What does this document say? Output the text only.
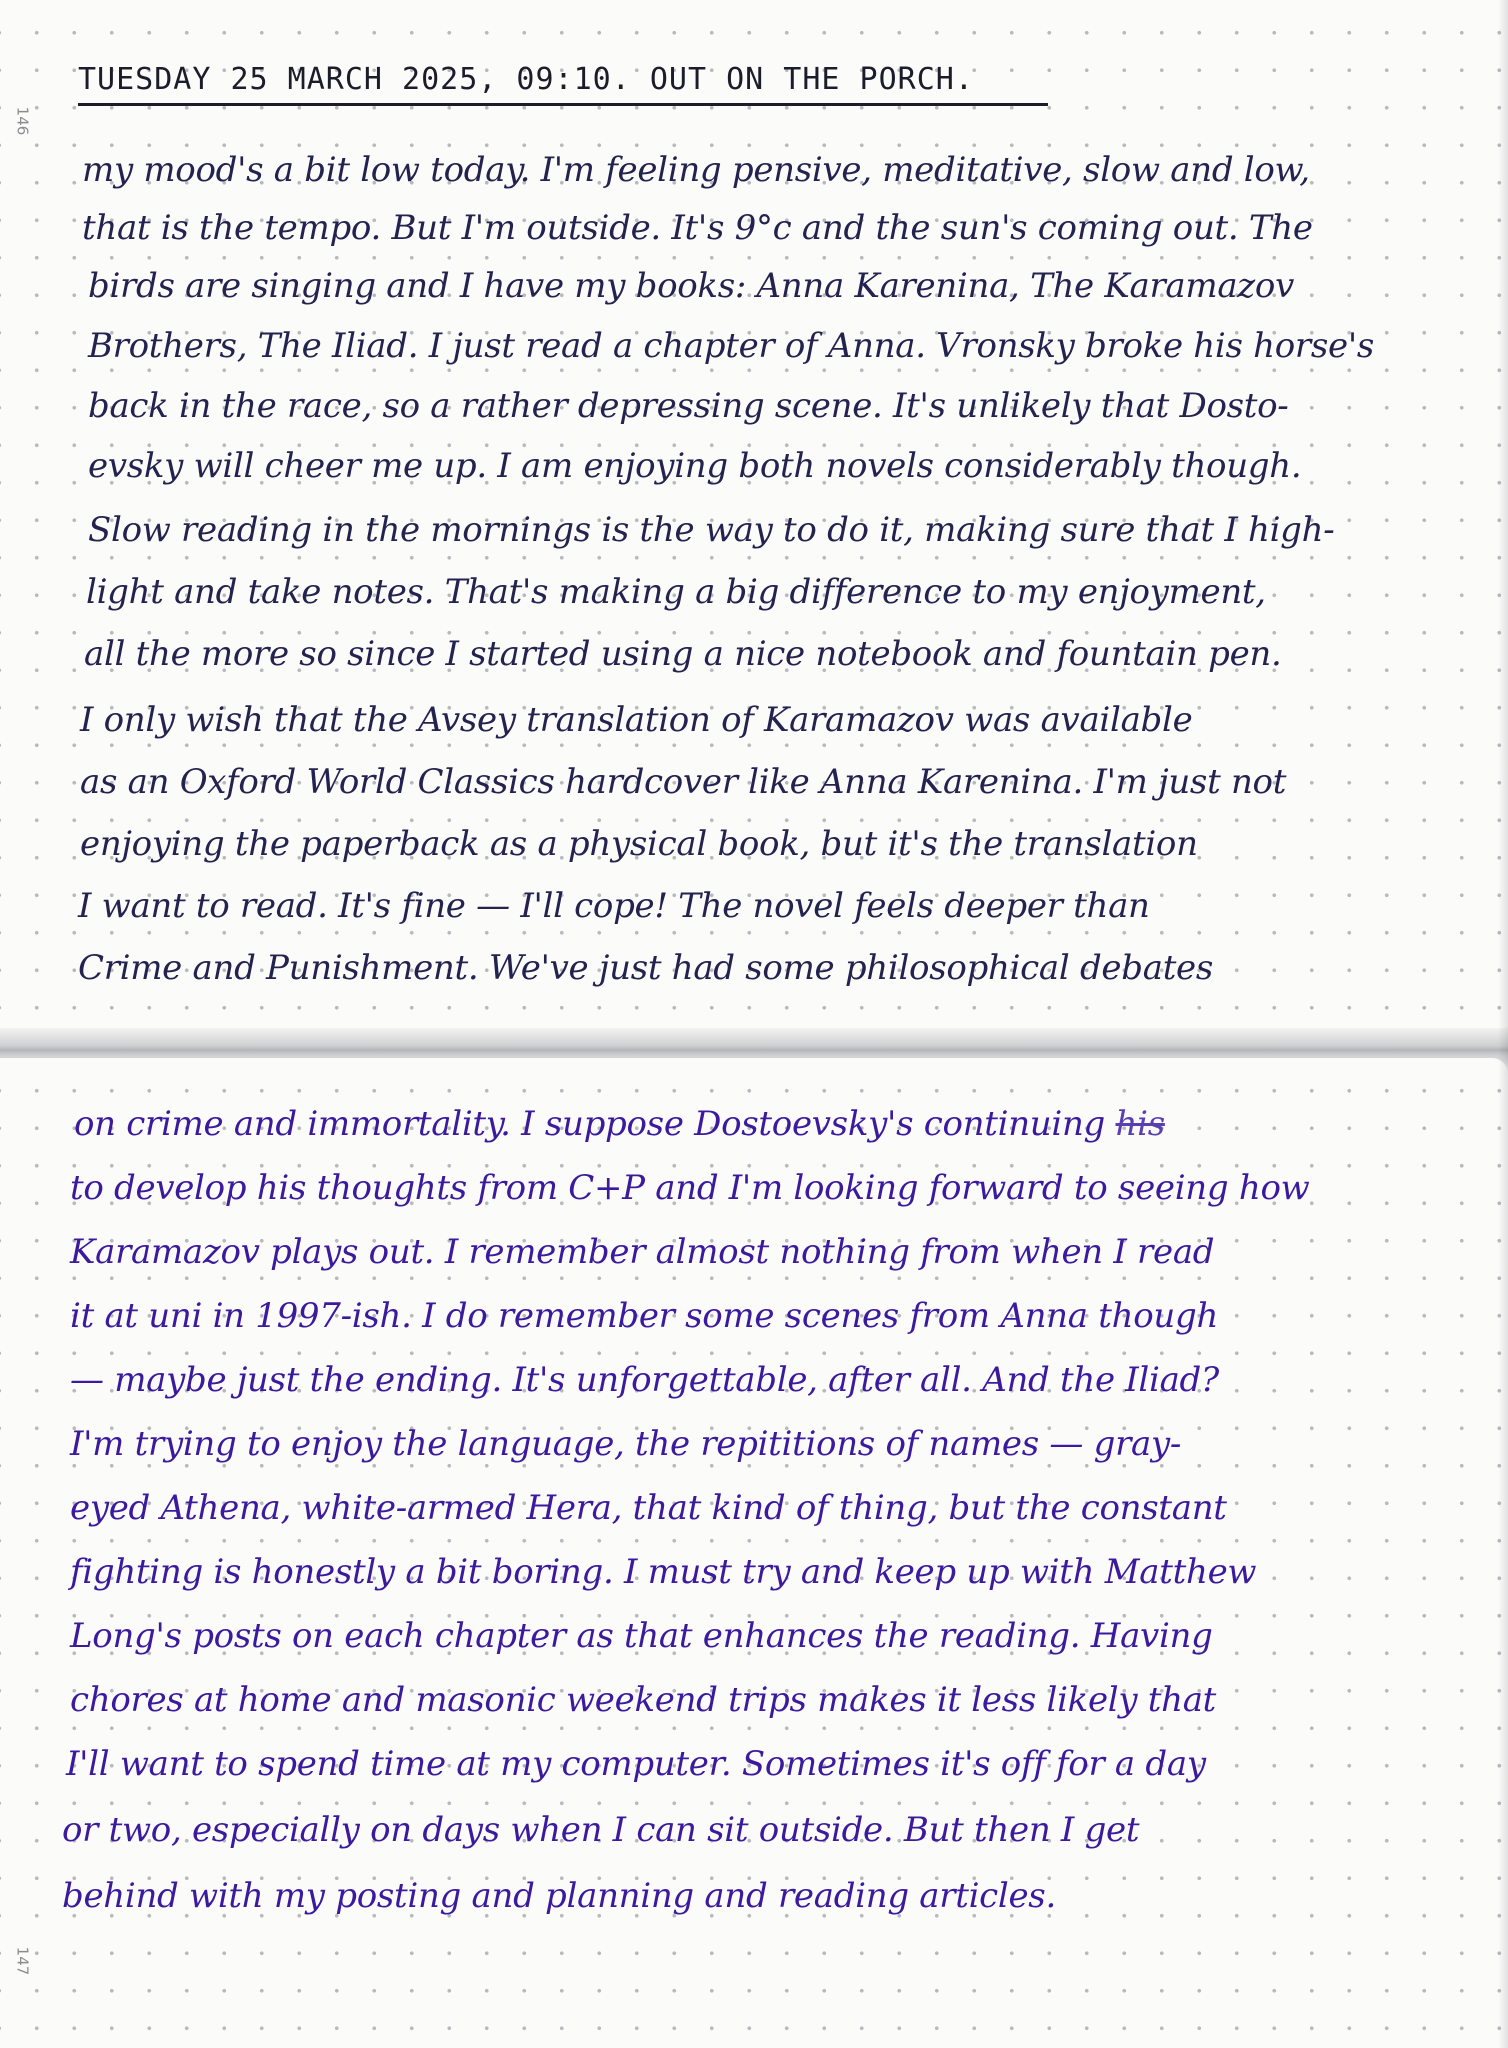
146
TUESDAY 25 MARCH 2025, 09:10. OUT ON THE PORCH.
my mood's a bit low today. I'm feeling pensive, meditative, slow and low,
that is the tempo. But I'm outside. It's 9°c and the sun's coming out. The
birds are singing and I have my books: Anna Karenina, The Karamazov
Brothers, The Iliad. I just read a chapter of Anna. Vronsky broke his horse's
back in the race, so a rather depressing scene. It's unlikely that Dosto-
evsky will cheer me up. I am enjoying both novels considerably though.
Slow reading in the mornings is the way to do it, making sure that I high-
light and take notes. That's making a big difference to my enjoyment,
all the more so since I started using a nice notebook and fountain pen.
I only wish that the Avsey translation of Karamazov was available
as an Oxford World Classics hardcover like Anna Karenina. I'm just not
enjoying the paperback as a physical book, but it's the translation
I want to read. It's fine — I'll cope! The novel feels deeper than
Crime and Punishment. We've just had some philosophical debates
147
on crime and immortality. I suppose Dostoevsky's continuing his
to develop his thoughts from C+P and I'm looking forward to seeing how
Karamazov plays out. I remember almost nothing from when I read
it at uni in 1997-ish. I do remember some scenes from Anna though
— maybe just the ending. It's unforgettable, after all. And the Iliad?
I'm trying to enjoy the language, the repititions of names — gray-
eyed Athena, white-armed Hera, that kind of thing, but the constant
fighting is honestly a bit boring. I must try and keep up with Matthew
Long's posts on each chapter as that enhances the reading. Having
chores at home and masonic weekend trips makes it less likely that
I'll want to spend time at my computer. Sometimes it's off for a day
or two, especially on days when I can sit outside. But then I get
behind with my posting and planning and reading articles.
